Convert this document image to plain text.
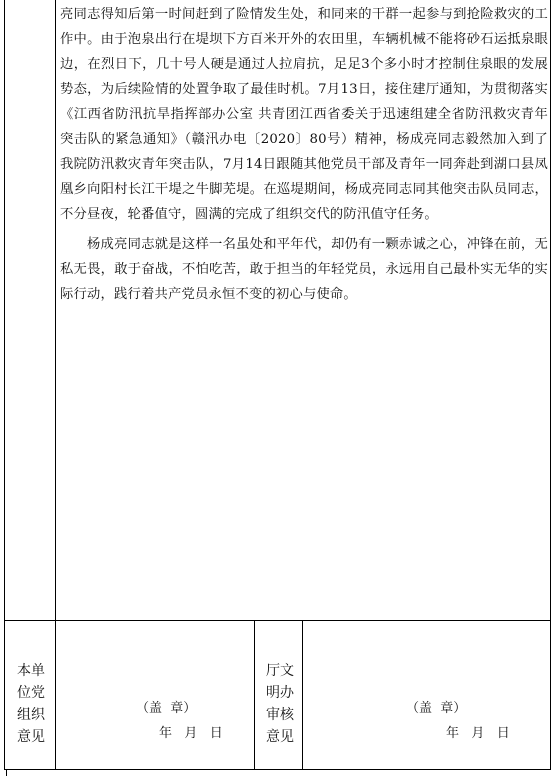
亮同志得知后第一时间赶到了险情发生处，和同来的干群一起参与到抢险救灾的工作中。由于泡泉出行在堤坝下方百米开外的农田里，车辆机械不能将砂石运抵泉眼边，在烈日下，几十号人硬是通过人拉肩抗，足足3个多小时才控制住泉眼的发展势态，为后续险情的处置争取了最佳时机。7月13日，接住建厅通知，为贯彻落实《江西省防汛抗旱指挥部办公室 共青团江西省委关于迅速组建全省防汛救灾青年突击队的紧急通知》（赣汛办电〔2020〕80号）精神，杨成亮同志毅然加入到了我院防汛救灾青年突击队，7月14日跟随其他党员干部及青年一同奔赴到湖口县凤凰乡向阳村长江干堤之牛脚芜堤。在巡堤期间，杨成亮同志同其他突击队员同志，不分昼夜，轮番值守，圆满的完成了组织交代的防汛值守任务。

杨成亮同志就是这样一名虽处和平年代，却仍有一颗赤诚之心，冲锋在前，无私无畏，敢于奋战，不怕吃苦，敢于担当的年轻党员，永远用自己最朴实无华的实际行动，践行着共产党员永恒不变的初心与使命。

本单位党组织意见
厅文明办审核意见
（盖  章）
年   月   日
（盖  章）
年   月   日
